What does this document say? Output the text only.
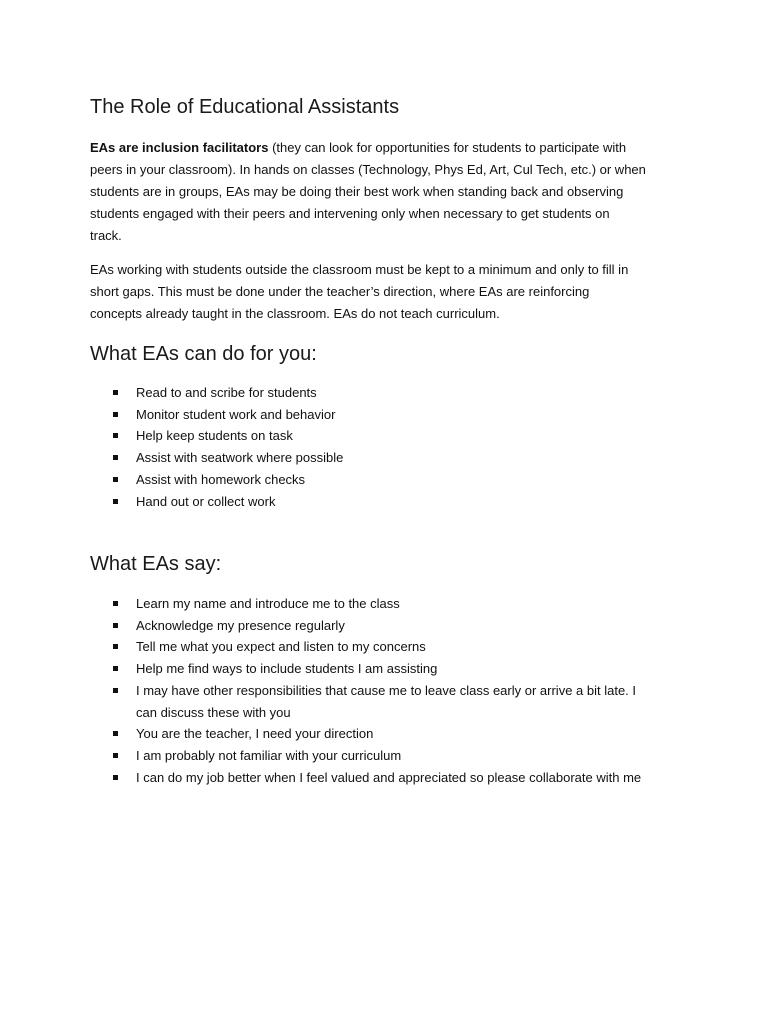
The Role of Educational Assistants

EAs are inclusion facilitators (they can look for opportunities for students to participate with
peers in your classroom). In hands on classes (Technology, Phys Ed, Art, Cul Tech, etc.) or when
students are in groups, EAs may be doing their best work when standing back and observing
students engaged with their peers and intervening only when necessary to get students on
track.

EAs working with students outside the classroom must be kept to a minimum and only to fill in
short gaps. This must be done under the teacher’s direction, where EAs are reinforcing
concepts already taught in the classroom. EAs do not teach curriculum.

What EAs can do for you:
Read to and scribe for students
Monitor student work and behavior
Help keep students on task
Assist with seatwork where possible
Assist with homework checks
Hand out or collect work
What EAs say:
Learn my name and introduce me to the class
Acknowledge my presence regularly
Tell me what you expect and listen to my concerns
Help me find ways to include students I am assisting
I may have other responsibilities that cause me to leave class early or arrive a bit late. I
can discuss these with you
You are the teacher, I need your direction
I am probably not familiar with your curriculum
I can do my job better when I feel valued and appreciated so please collaborate with me
